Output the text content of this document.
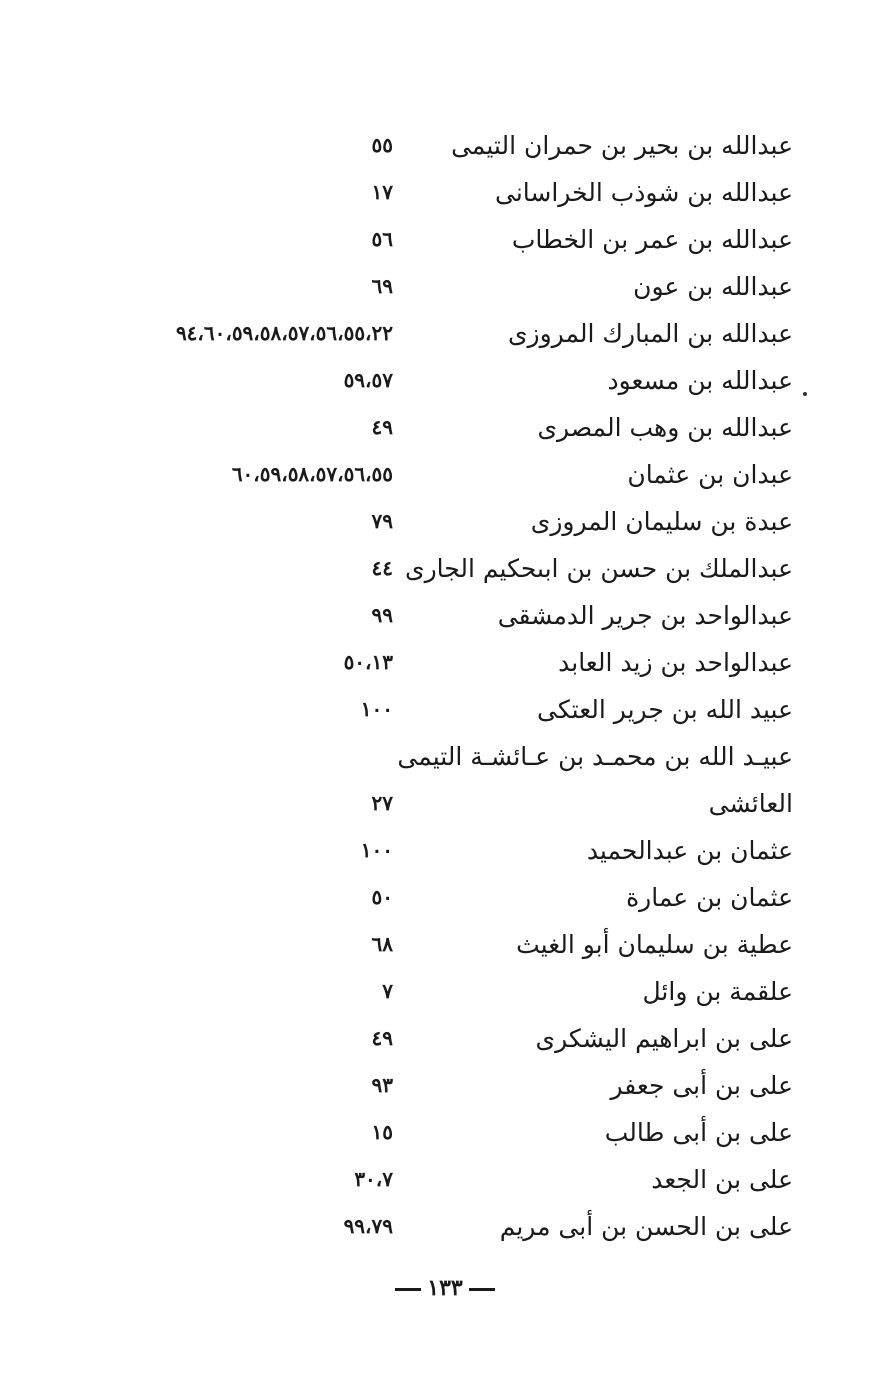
عبدالله بن بحير بن حمران التيمى
٥٥
عبدالله بن شوذب الخراسانى
١٧
عبدالله بن عمر بن الخطاب
٥٦
عبدالله بن عون
٦٩
عبدالله بن المبارك المروزى
٩٤،٦٠،٥٩،٥٨،٥٧،٥٦،٥٥،٢٢
عبدالله بن مسعود
٥٩،٥٧
عبدالله بن وهب المصرى
٤٩
عبدان بن عثمان
٦٠،٥٩،٥٨،٥٧،٥٦،٥٥
عبدة بن سليمان المروزى
٧٩
عبدالملك بن حسن بن ابىحكيم الجارى
٤٤
عبدالواحد بن جرير الدمشقى
٩٩
عبدالواحد بن زيد العابد
٥٠،١٣
عبيد الله بن جرير العتكى
١٠٠
عبيـد الله بن محمـد بن عـائشـة التيمى
العائشى
٢٧
عثمان بن عبدالحميد
١٠٠
عثمان بن عمارة
٥٠
عطية بن سليمان أبو الغيث
٦٨
علقمة بن وائل
٧
على بن ابراهيم اليشكرى
٤٩
على بن أبى جعفر
٩٣
على بن أبى طالب
١٥
على بن الجعد
٣٠،٧
على بن الحسن بن أبى مريم
٩٩،٧٩
١٣٣
